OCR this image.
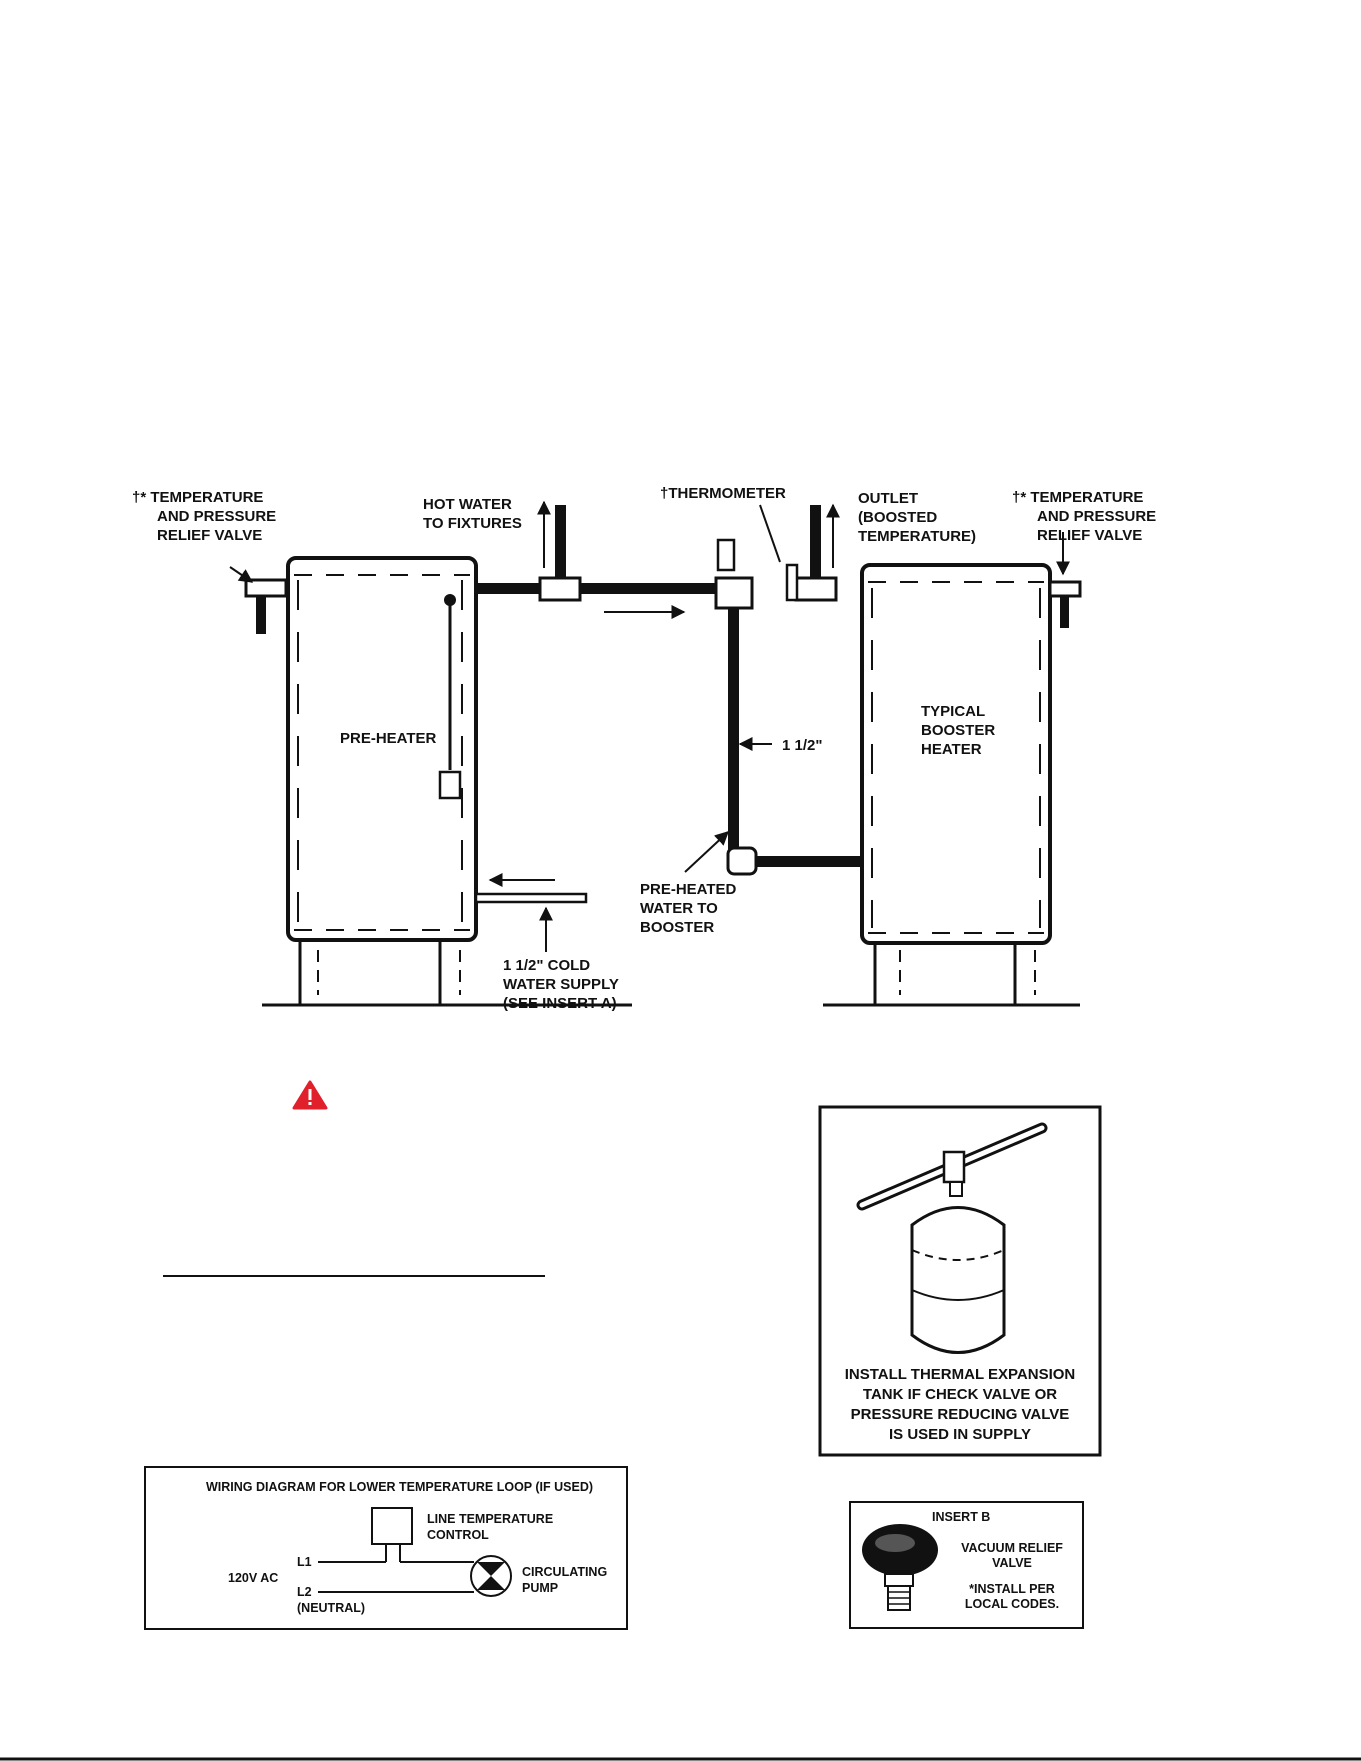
PRE-HEATER
†* TEMPERATURE
AND PRESSURE
RELIEF VALVE
HOT WATER
TO FIXTURES
†THERMOMETER	OUTLET
(BOOSTED
TEMPERATURE)
1 1/2"
PRE-HEATED
WATER TO
BOOSTER
1 1/2" COLD
WATER SUPPLY
(SEE INSERT A)
TYPICAL
BOOSTER
HEATER
†* TEMPERATURE
AND PRESSURE
RELIEF VALVE
INSTALL THERMAL EXPANSION
TANK IF CHECK VALVE OR
PRESSURE REDUCING VALVE
IS USED IN SUPPLY
WIRING DIAGRAM FOR LOWER TEMPERATURE LOOP (IF USED)
LINE TEMPERATURE
CONTROL
L1
120V AC
L2
(NEUTRAL)
CIRCULATING
PUMP
INSERT B
VACUUM RELIEF
VALVE
*INSTALL PER
LOCAL CODES.
